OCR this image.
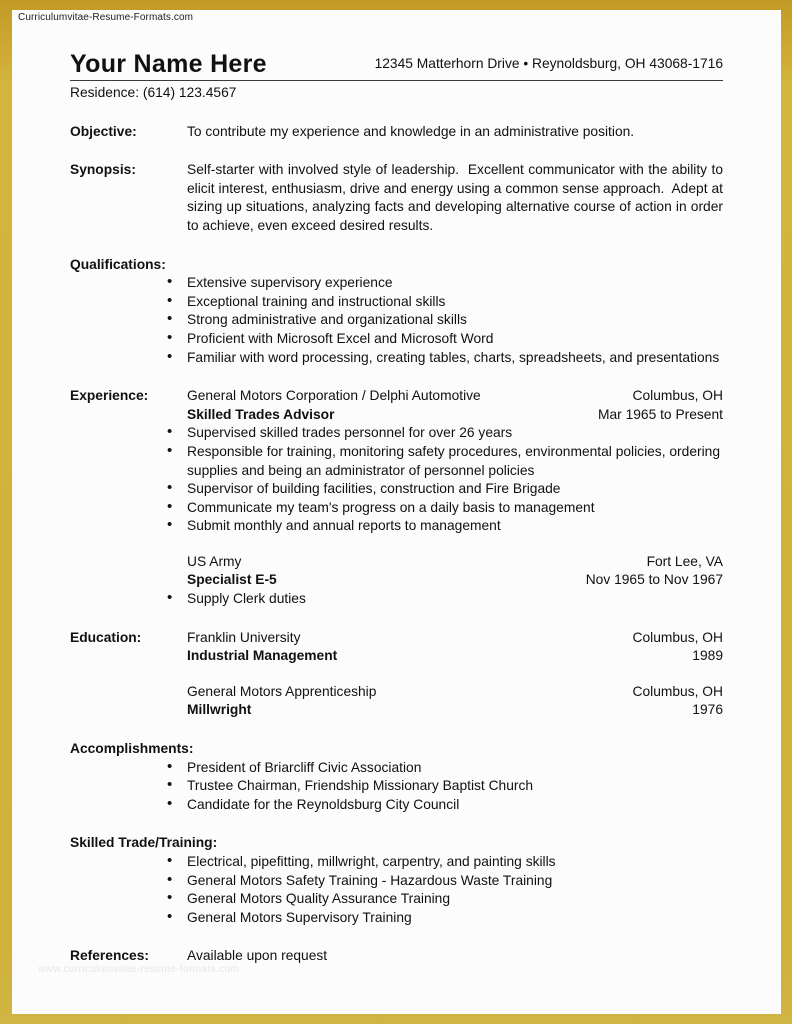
Curriculumvitae-Resume-Formats.com
Your Name Here	12345 Matterhorn Drive • Reynoldsburg, OH 43068-1716
Residence: (614) 123.4567
Objective:	To contribute my experience and knowledge in an administrative position.
Synopsis:	Self-starter with involved style of leadership.  Excellent communicator with the ability to elicit interest, enthusiasm, drive and energy using a common sense approach.  Adept at sizing up situations, analyzing facts and developing alternative course of action in order to achieve, even exceed desired results.
Qualifications:
• Extensive supervisory experience
• Exceptional training and instructional skills
• Strong administrative and organizational skills
• Proficient with Microsoft Excel and Microsoft Word
• Familiar with word processing, creating tables, charts, spreadsheets, and presentations
Experience:	General Motors Corporation / Delphi Automotive	Columbus, OH
Skilled Trades Advisor	Mar 1965 to Present
• Supervised skilled trades personnel for over 26 years
• Responsible for training, monitoring safety procedures, environmental policies, ordering supplies and being an administrator of personnel policies
• Supervisor of building facilities, construction and Fire Brigade
• Communicate my team's progress on a daily basis to management
• Submit monthly and annual reports to management
US Army	Fort Lee, VA
Specialist E-5	Nov 1965 to Nov 1967
• Supply Clerk duties
Education:	Franklin University	Columbus, OH
Industrial Management	1989
General Motors Apprenticeship	Columbus, OH
Millwright	1976
Accomplishments:
• President of Briarcliff Civic Association
• Trustee Chairman, Friendship Missionary Baptist Church
• Candidate for the Reynoldsburg City Council
Skilled Trade/Training:
• Electrical, pipefitting, millwright, carpentry, and painting skills
• General Motors Safety Training - Hazardous Waste Training
• General Motors Quality Assurance Training
• General Motors Supervisory Training
References:	Available upon request
www.curriculumvitae-resume-formats.com
